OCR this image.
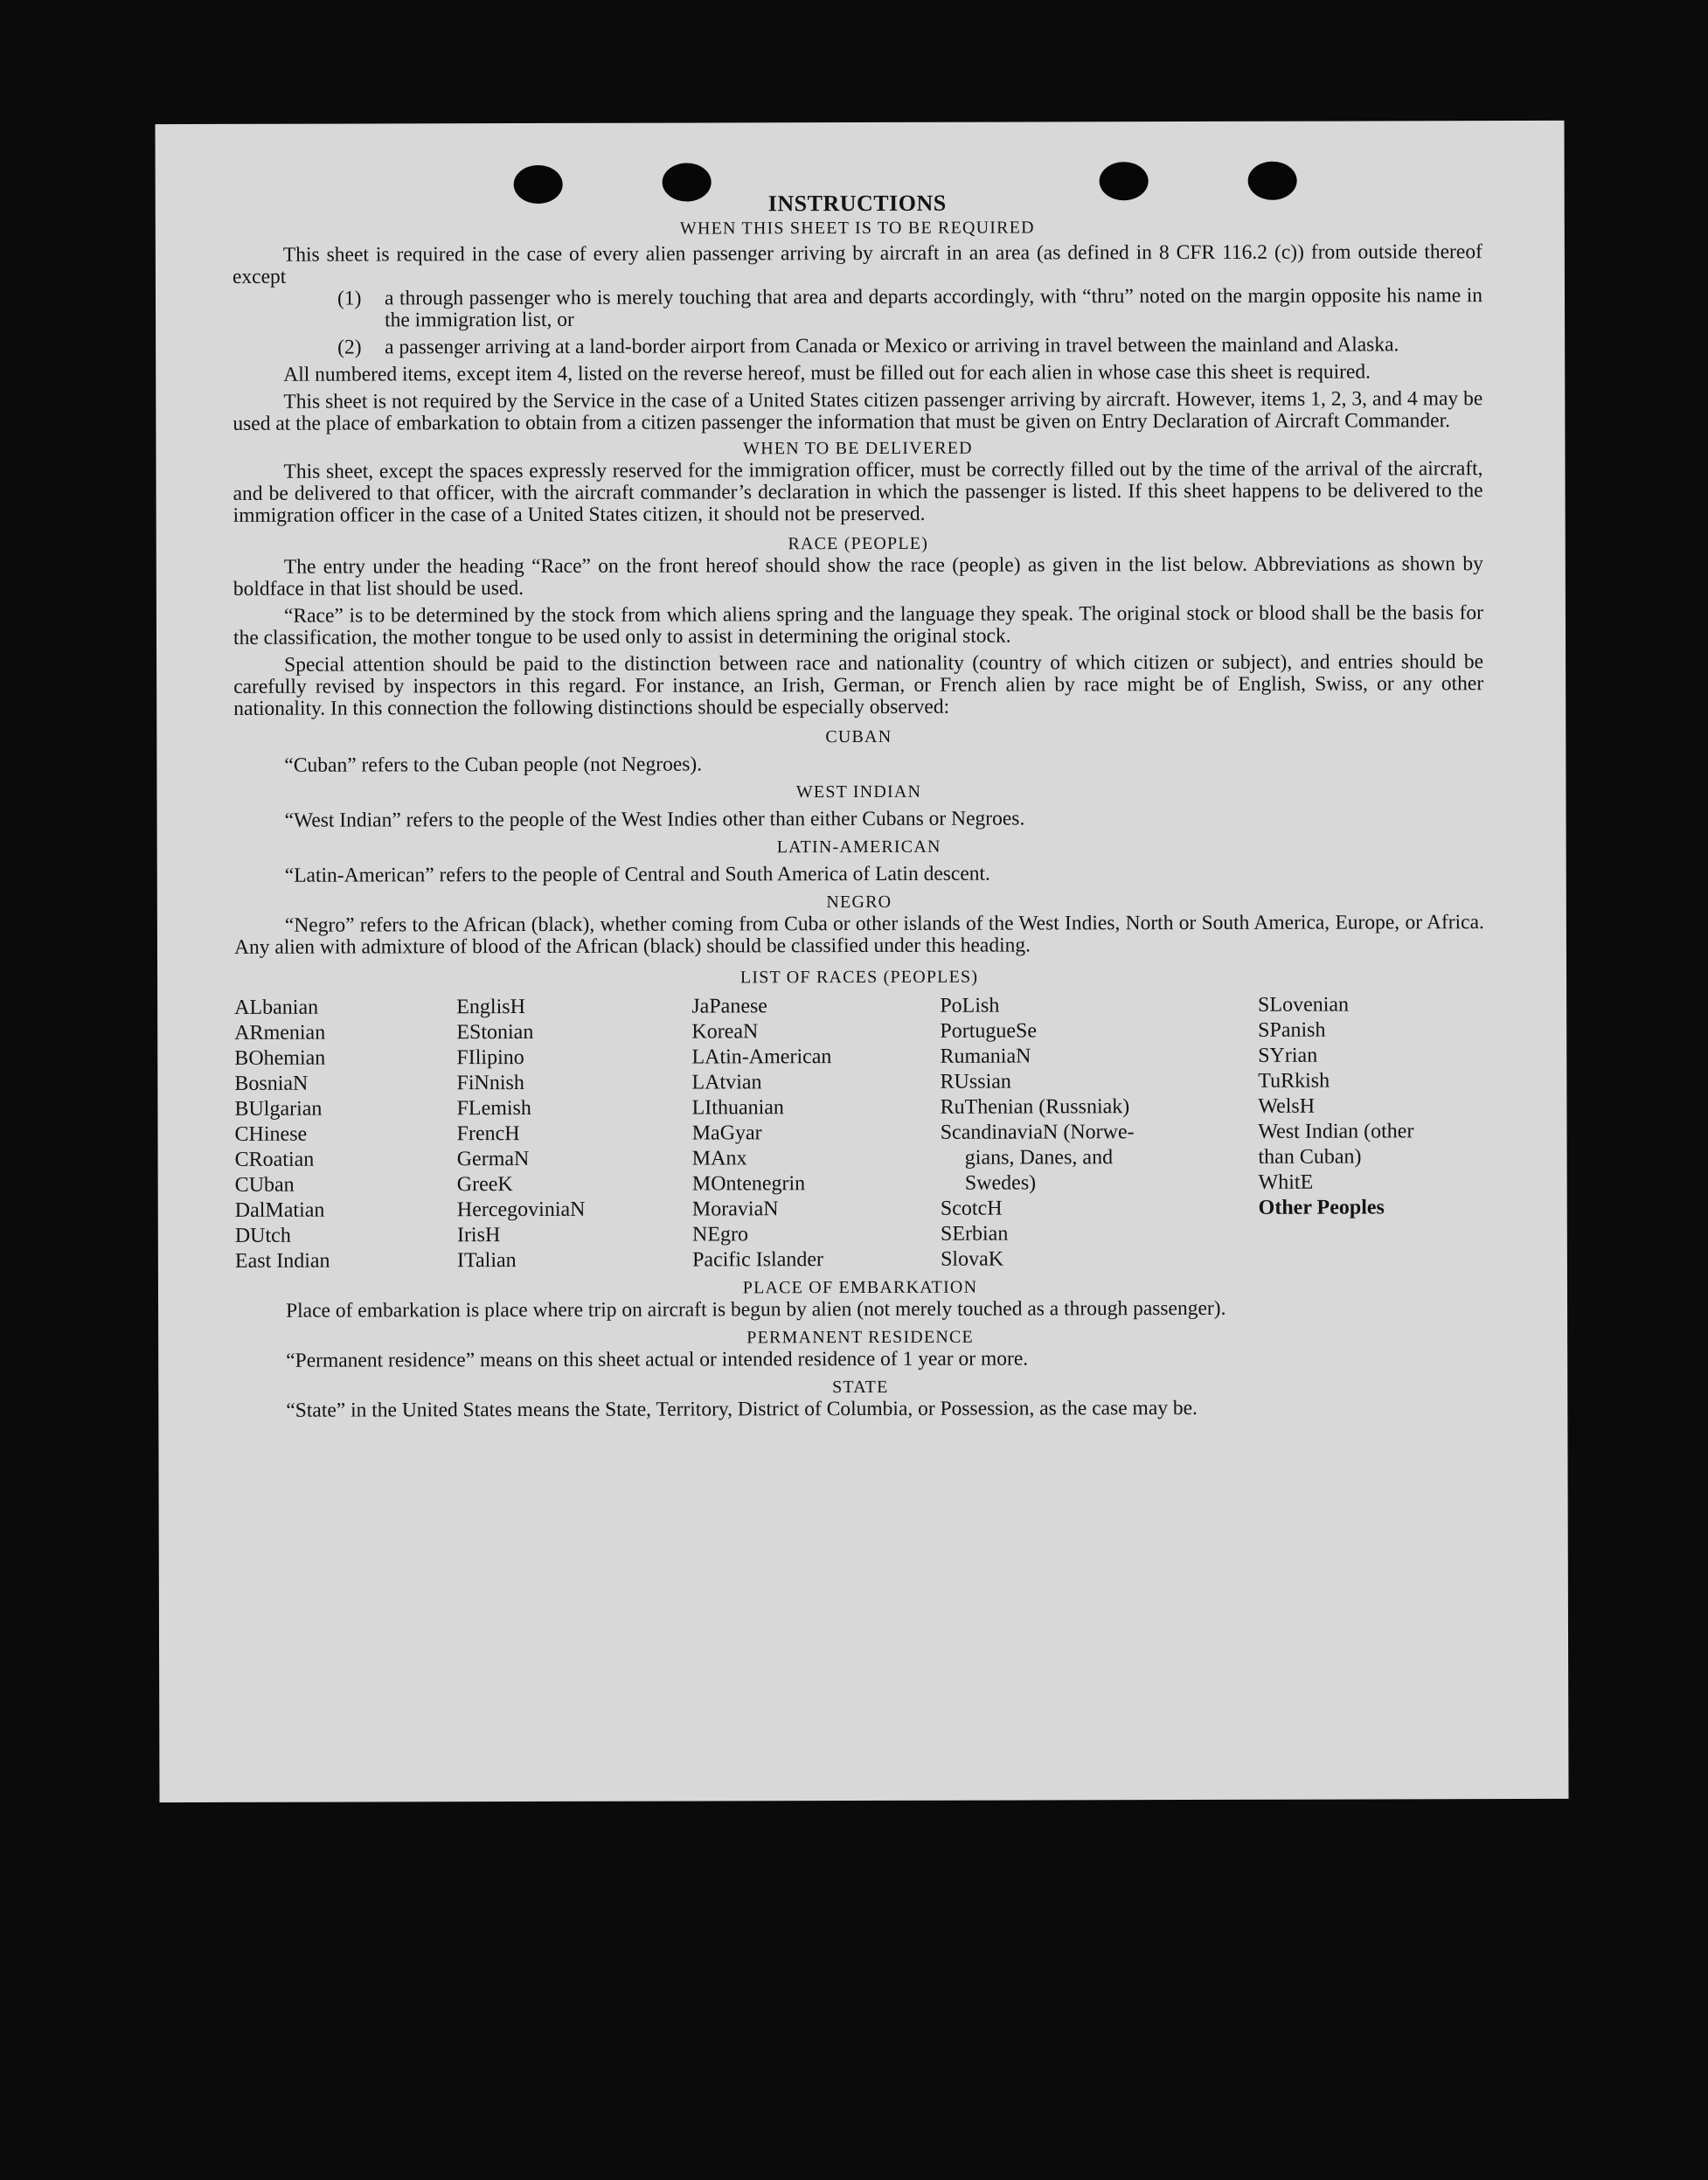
INSTRUCTIONS
WHEN THIS SHEET IS TO BE REQUIRED

This sheet is required in the case of every alien passenger arriving by aircraft in an area (as defined in 8 CFR 116.2 (c)) from outside thereof except

(1)	a through passenger who is merely touching that area and departs accordingly, with “thru” noted on the margin opposite his name in the immigration list, or
(2)	a passenger arriving at a land-border airport from Canada or Mexico or arriving in travel between the mainland and Alaska.

All numbered items, except item 4, listed on the reverse hereof, must be filled out for each alien in whose case this sheet is required.

This sheet is not required by the Service in the case of a United States citizen passenger arriving by aircraft. However, items 1, 2, 3, and 4 may be used at the place of embarkation to obtain from a citizen passenger the information that must be given on Entry Declaration of Aircraft Commander.

WHEN TO BE DELIVERED

This sheet, except the spaces expressly reserved for the immigration officer, must be correctly filled out by the time of the arrival of the aircraft, and be delivered to that officer, with the aircraft commander’s declaration in which the passenger is listed. If this sheet happens to be delivered to the immigration officer in the case of a United States citizen, it should not be preserved.

RACE (PEOPLE)

The entry under the heading “Race” on the front hereof should show the race (people) as given in the list below. Abbreviations as shown by boldface in that list should be used.

“Race” is to be determined by the stock from which aliens spring and the language they speak. The original stock or blood shall be the basis for the classification, the mother tongue to be used only to assist in determining the original stock.

Special attention should be paid to the distinction between race and nationality (country of which citizen or subject), and entries should be carefully revised by inspectors in this regard. For instance, an Irish, German, or French alien by race might be of English, Swiss, or any other nationality. In this connection the following distinctions should be especially observed:

CUBAN
“Cuban” refers to the Cuban people (not Negroes).
WEST INDIAN
“West Indian” refers to the people of the West Indies other than either Cubans or Negroes.
LATIN-AMERICAN
“Latin-American” refers to the people of Central and South America of Latin descent.
NEGRO

“Negro” refers to the African (black), whether coming from Cuba or other islands of the West Indies, North or South America, Europe, or Africa. Any alien with admixture of blood of the African (black) should be classified under this heading.

LIST OF RACES (PEOPLES)
ALbanian
ARmenian
BOhemian
BosniaN
BUlgarian
CHinese
CRoatian
CUban
DalMatian
DUtch
East Indian
EnglisH
EStonian
FIlipino
FiNnish
FLemish
FrencH
GermaN
GreeK
HercegoviniaN
IrisH
ITalian
JaPanese
KoreaN
LAtin-American
LAtvian
LIthuanian
MaGyar
MAnx
MOntenegrin
MoraviaN
NEgro
Pacific Islander
PoLish
PortugueSe
RumaniaN
RUssian
RuThenian (Russniak)
ScandinaviaN (Norwe-
gians, Danes, and
Swedes)
ScotcH
SErbian
SlovaK
SLovenian
SPanish
SYrian
TuRkish
WelsH
West Indian (other
than Cuban)
WhitE
Other Peoples
PLACE OF EMBARKATION

Place of embarkation is place where trip on aircraft is begun by alien (not merely touched as a through passenger).

PERMANENT RESIDENCE

“Permanent residence” means on this sheet actual or intended residence of 1 year or more.

STATE

“State” in the United States means the State, Territory, District of Columbia, or Possession, as the case may be.
